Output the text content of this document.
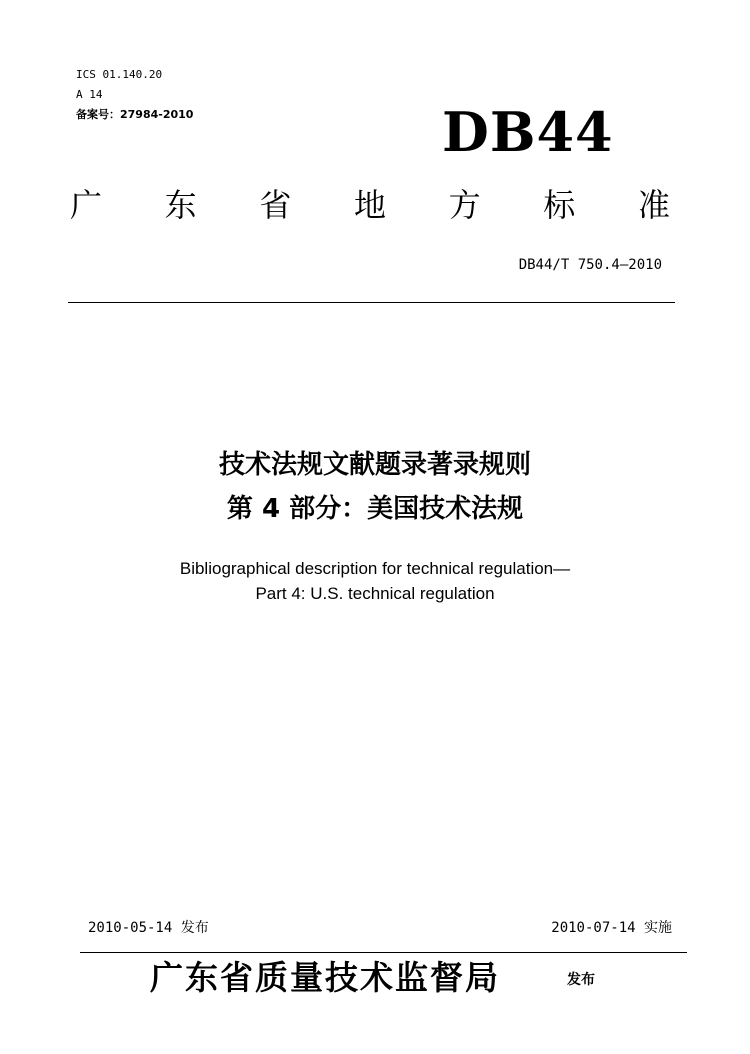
ICS 01.140.20

A 14

备案号：27984-2010	DB44
广 东 省 地 方 标 准
DB44/T 750.4—2010
技术法规文献题录著录规则
第 4 部分：美国技术法规

Bibliographical description for technical regulation—

Part 4: U.S. technical regulation

2010-05-14 发布	2010-07-14 实施
广东省质量技术监督局	发布
